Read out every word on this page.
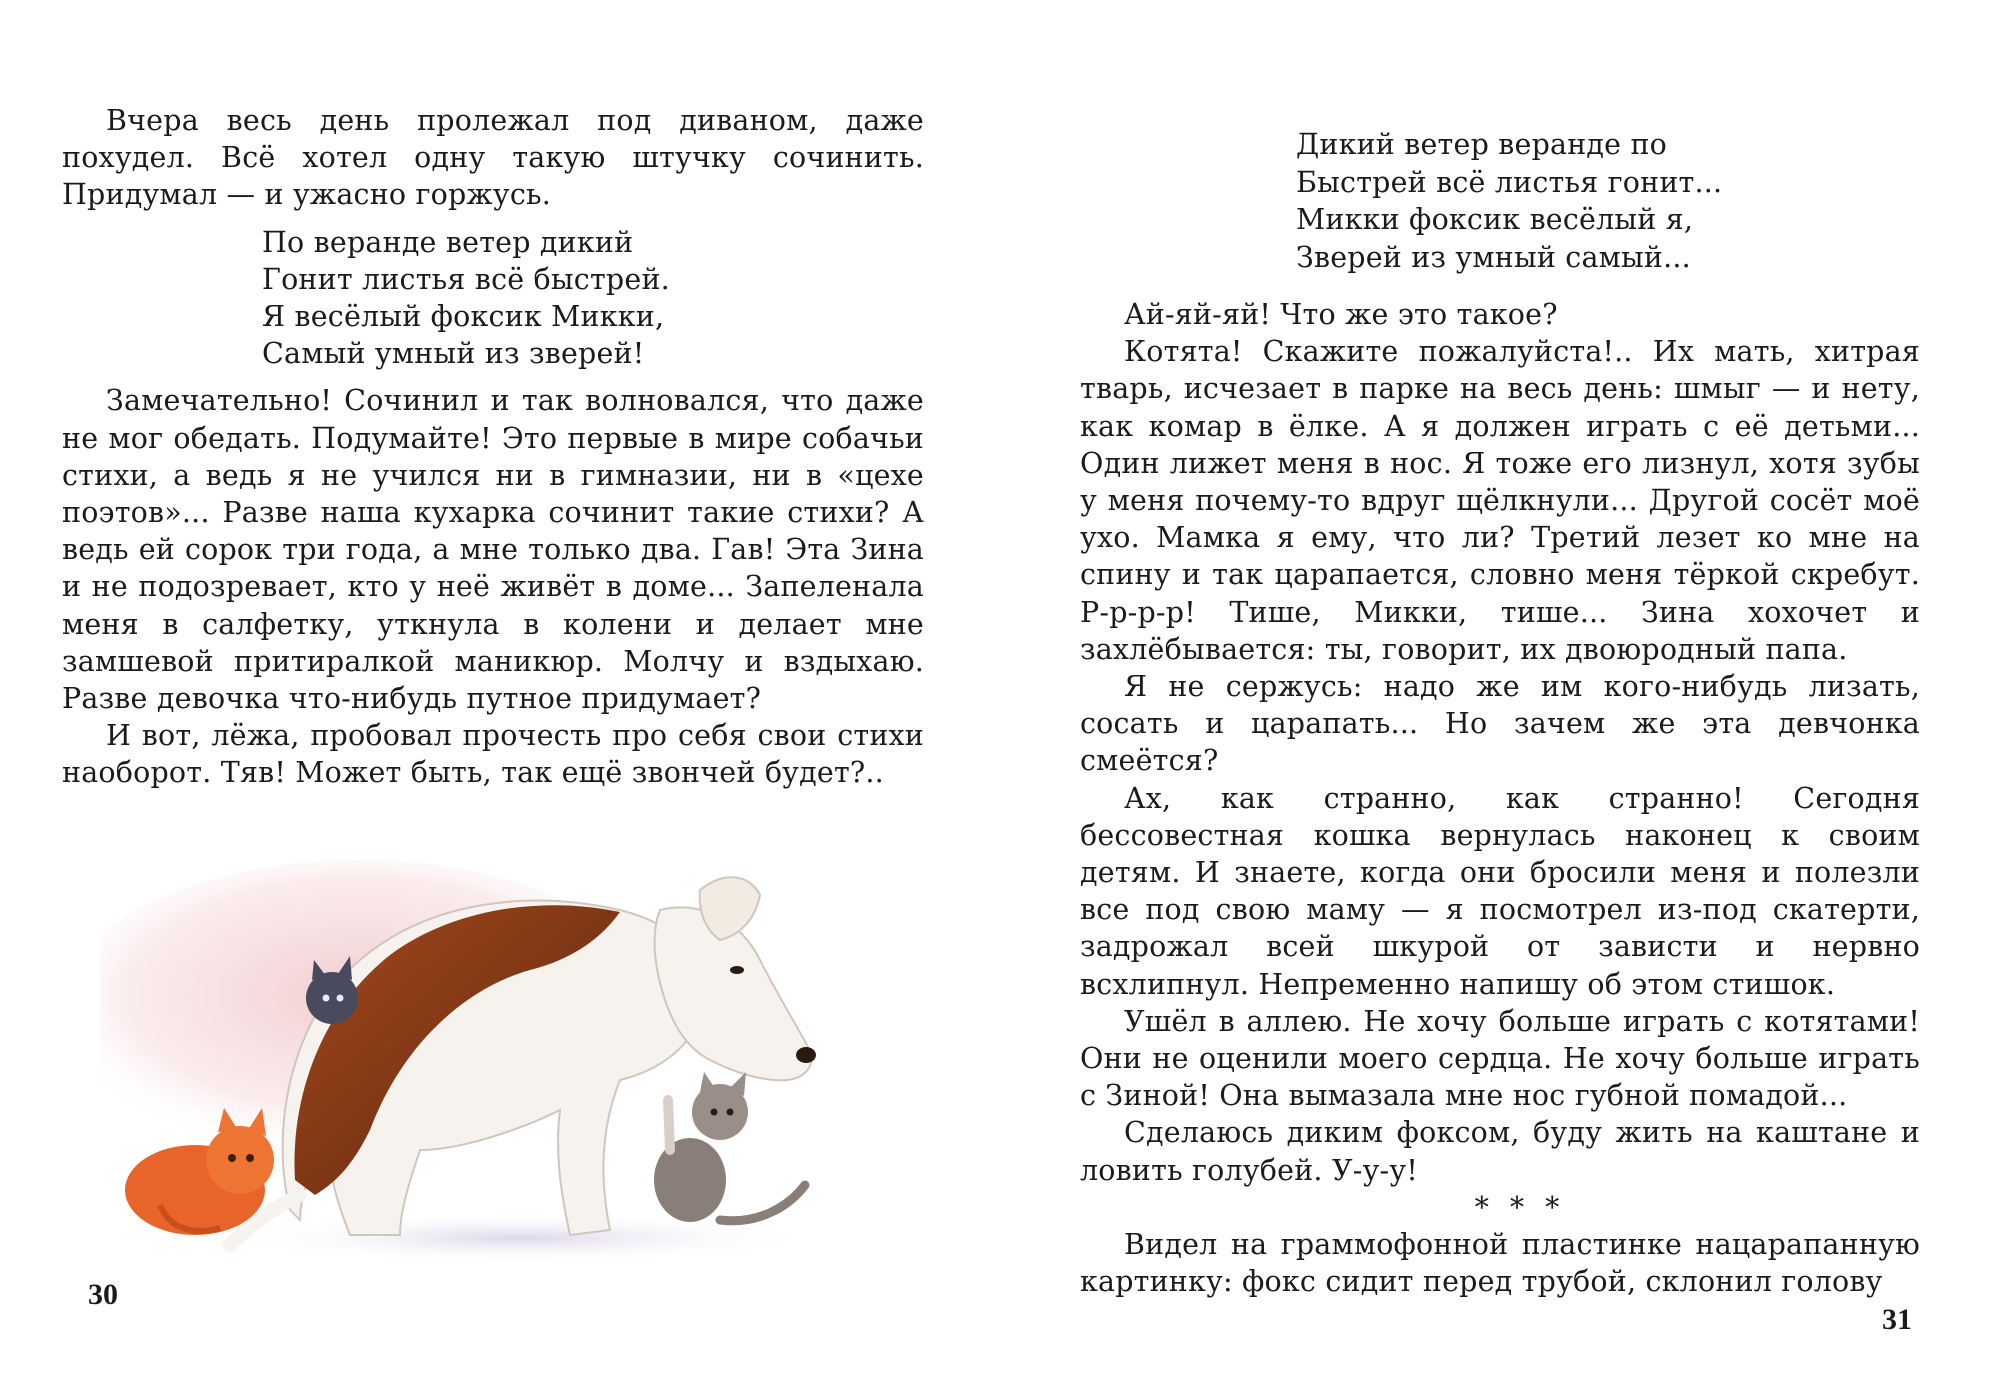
Вчера весь день пролежал под диваном, даже похудел. Всё хотел одну такую штучку сочинить. Придумал — и ужасно горжусь.

По веранде ветер дикий
Гонит листья всё быстрей.
Я весёлый фоксик Микки,
Самый умный из зверей!

Замечательно! Сочинил и так волновался, что даже не мог обедать. Подумайте! Это первые в мире собачьи стихи, а ведь я не учился ни в гимназии, ни в «цехе поэтов»... Разве наша кухарка сочинит такие стихи? А ведь ей сорок три года, а мне только два. Гав! Эта Зина и не подозревает, кто у неё живёт в доме... Запеленала меня в салфетку, уткнула в колени и делает мне замшевой притиралкой маникюр. Молчу и вздыхаю. Разве девочка что-нибудь путное придумает?

И вот, лёжа, пробовал прочесть про себя свои стихи наоборот. Тяв! Может быть, так ещё звончей будет?..

30
Дикий ветер веранде по
Быстрей всё листья гонит...
Микки фоксик весёлый я,
Зверей из умный самый...

Ай-яй-яй! Что же это такое?

Котята! Скажите пожалуйста!.. Их мать, хитрая тварь, исчезает в парке на весь день: шмыг — и нету, как комар в ёлке. А я должен играть с её детьми... Один лижет меня в нос. Я тоже его лизнул, хотя зубы у меня почему-то вдруг щёлкнули... Другой сосёт моё ухо. Мамка я ему, что ли? Третий лезет ко мне на спину и так царапается, словно меня тёркой скребут. Р-р-р-р! Тише, Микки, тише... Зина хохочет и захлёбывается: ты, говорит, их двоюродный папа.

Я не сержусь: надо же им кого-нибудь лизать, сосать и царапать... Но зачем же эта девчонка смеётся?

Ах, как странно, как странно! Сегодня бессовестная кошка вернулась наконец к своим детям. И знаете, когда они бросили меня и полезли все под свою маму — я посмотрел из-под скатерти, задрожал всей шкурой от зависти и нервно всхлипнул. Непременно напишу об этом стишок.

Ушёл в аллею. Не хочу больше играть с котятами! Они не оценили моего сердца. Не хочу больше играть с Зиной! Она вымазала мне нос губной помадой...

Сделаюсь диким фоксом, буду жить на каштане и ловить голубей. У-у-у!

* * *

Видел на граммофонной пластинке нацарапанную картинку: фокс сидит перед трубой, склонил голову

31
